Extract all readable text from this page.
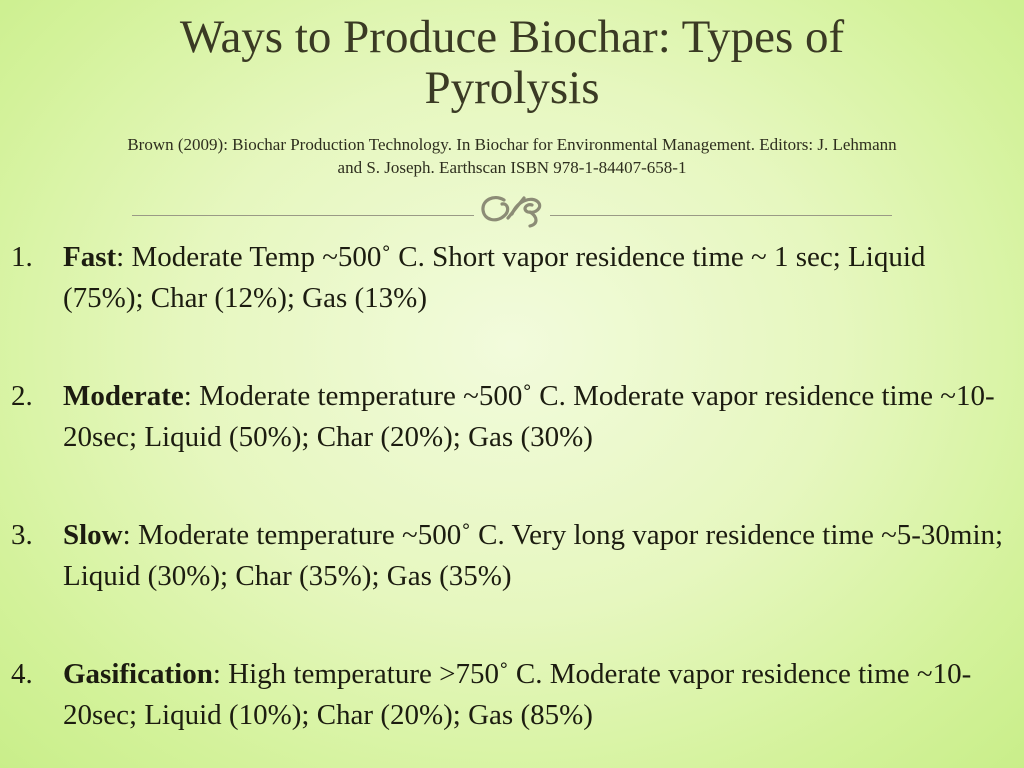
Ways to Produce Biochar: Types of
Pyrolysis
Brown (2009): Biochar Production Technology. In Biochar for Environmental Management. Editors: J. Lehmann
and S. Joseph. Earthscan ISBN 978-1-84407-658-1
1. Fast: Moderate Temp ~500˚ C. Short vapor residence time ~ 1 sec; Liquid (75%); Char (12%); Gas (13%)
2. Moderate: Moderate temperature ~500˚ C. Moderate vapor residence time ~10-20sec; Liquid (50%); Char (20%); Gas (30%)
3. Slow: Moderate temperature ~500˚ C. Very long vapor residence time ~5-30min; Liquid (30%); Char (35%); Gas (35%)
4. Gasification: High temperature >750˚ C. Moderate vapor residence time ~10-20sec; Liquid (10%); Char (20%); Gas (85%)
